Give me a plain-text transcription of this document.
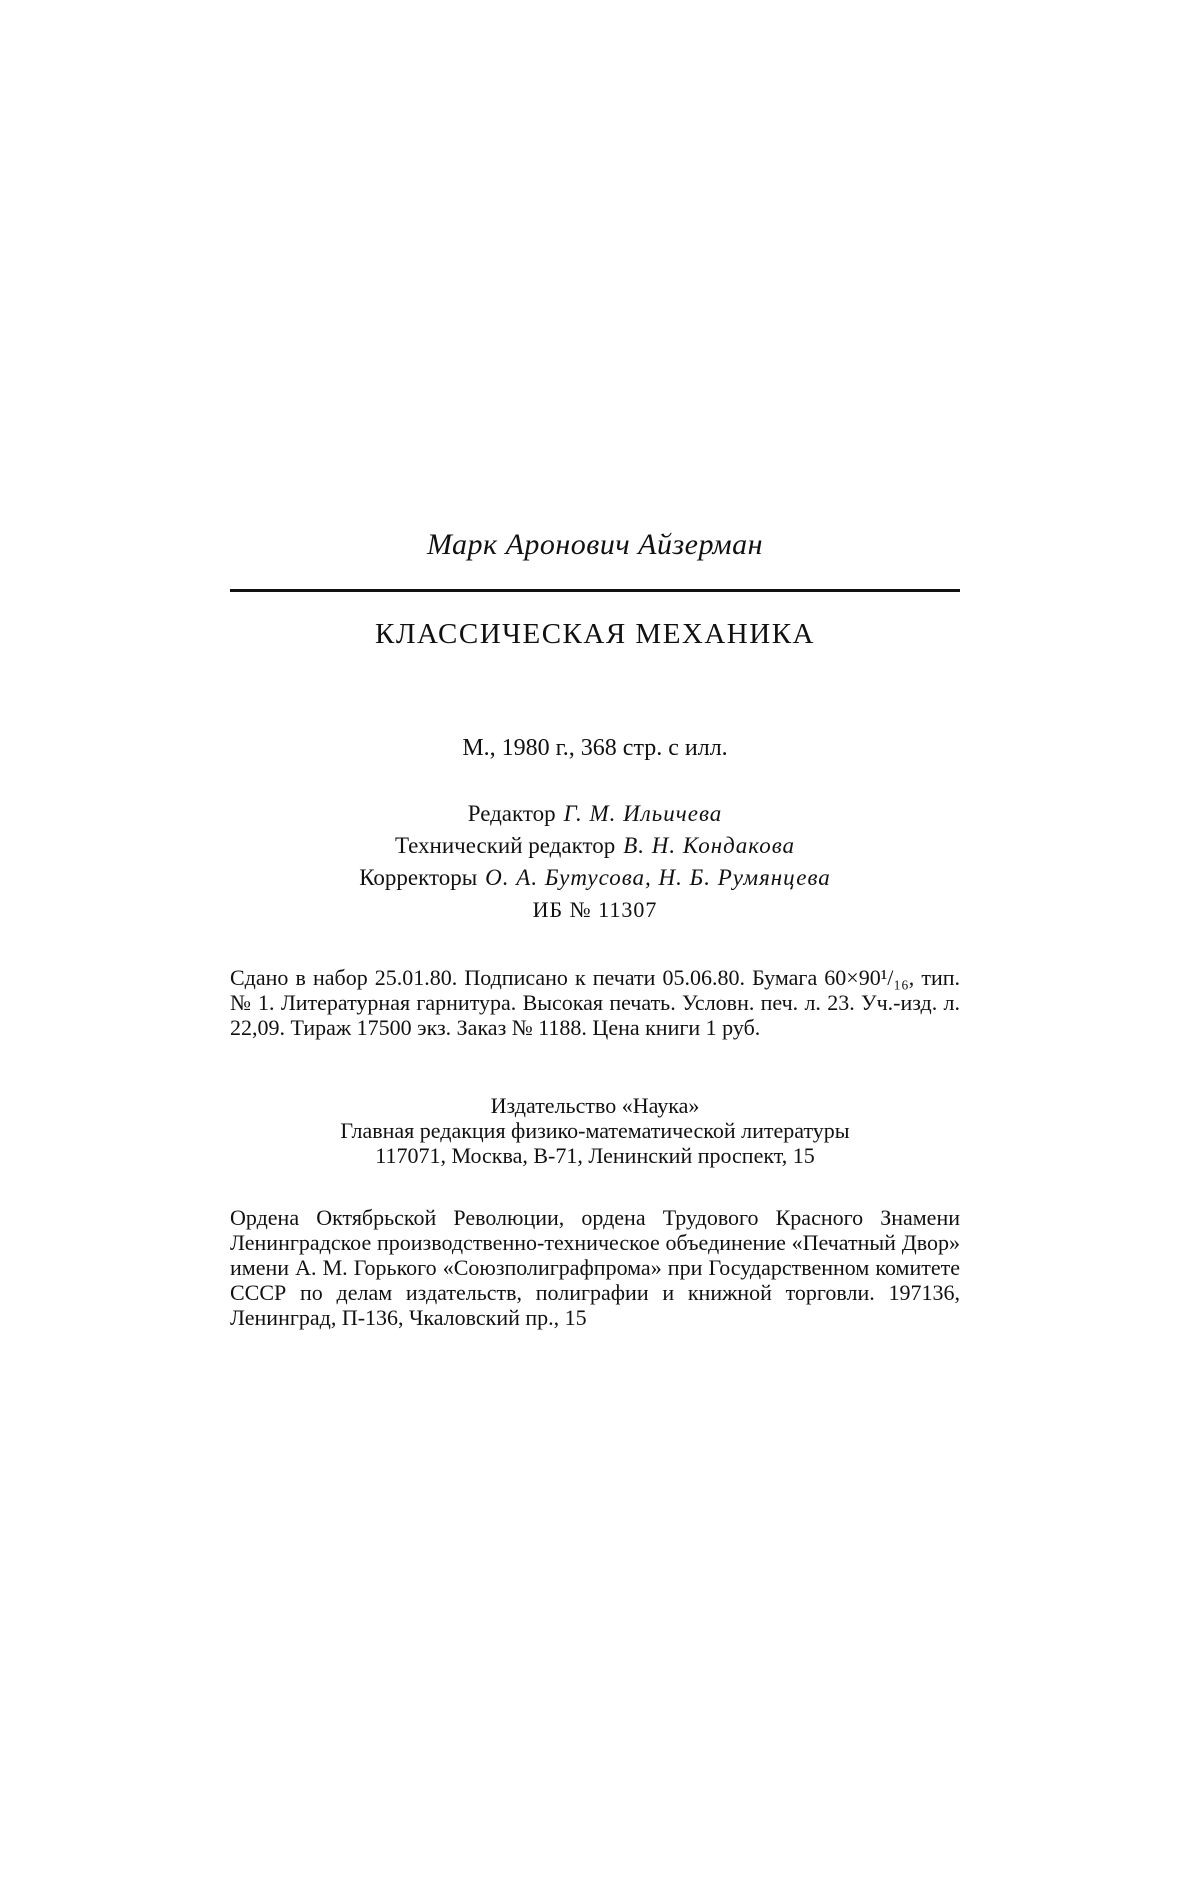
Марк Аронович Айзерман
КЛАССИЧЕСКАЯ МЕХАНИКА
М., 1980 г., 368 стр. с илл.
Редактор Г. М. Ильичева
Технический редактор В. Н. Кондакова
Корректоры О. А. Бутусова, Н. Б. Румянцева
ИБ № 11307
Сдано в набор 25.01.80. Подписано к печати 05.06.80. Бумага 60×90¹/₁₆, тип. № 1. Литературная гарнитура. Высокая печать. Условн. печ. л. 23. Уч.-изд. л. 22,09. Тираж 17500 экз. Заказ № 1188. Цена книги 1 руб.
Издательство «Наука»
Главная редакция физико-математической литературы
117071, Москва, В-71, Ленинский проспект, 15
Ордена Октябрьской Революции, ордена Трудового Красного Знамени Ленинградское производственно-техническое объединение «Печатный Двор» имени А. М. Горького «Союзполиграфпрома» при Государственном комитете СССР по делам издательств, полиграфии и книжной торговли. 197136, Ленинград, П-136, Чкаловский пр., 15
